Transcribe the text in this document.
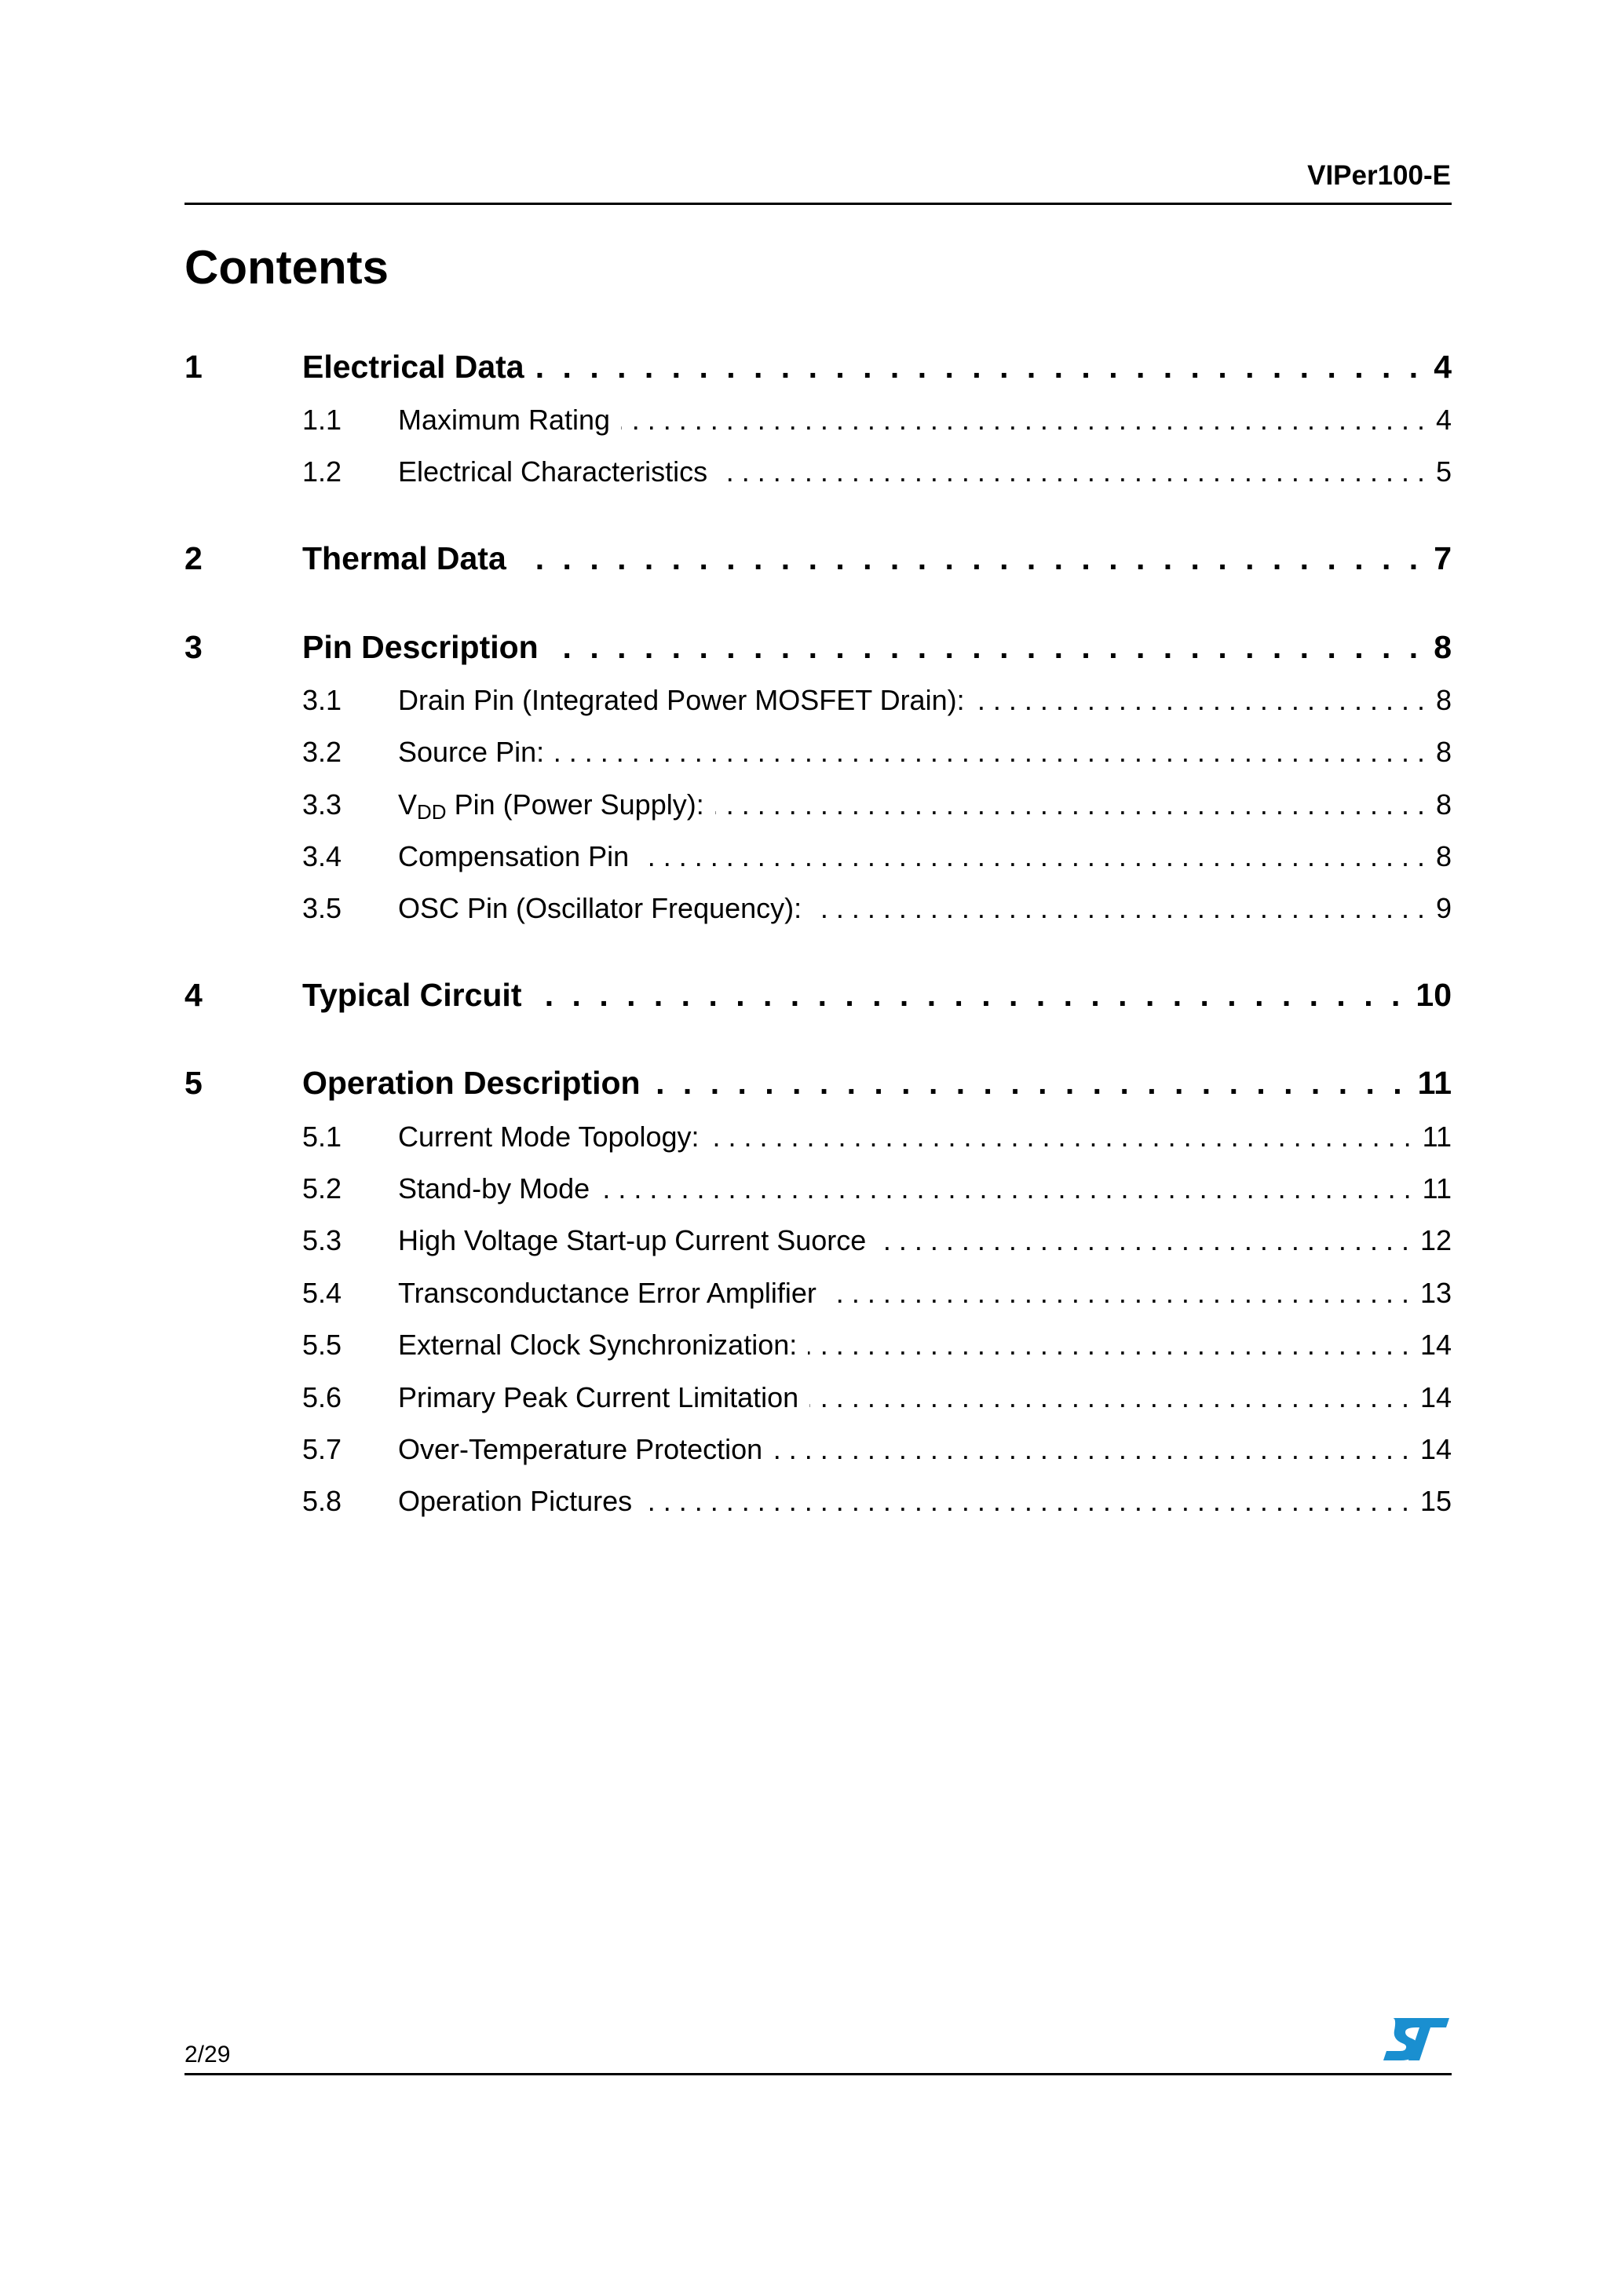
VIPer100-E
Contents
1	Electrical Data . . .	4
1.1	Maximum Rating . . .	4
1.2	Electrical Characteristics . . .	5
2	Thermal Data . . .	7
3	Pin Description . . .	8
3.1	Drain Pin (Integrated Power MOSFET Drain): . . .	8
3.2	Source Pin: . . .	8
3.3	$V_{DD}$ Pin (Power Supply): . . .	8
3.4	Compensation Pin . . .	8
3.5	OSC Pin (Oscillator Frequency): . . .	9
4	Typical Circuit . . .	10
5	Operation Description . . .	11
5.1	Current Mode Topology: . . .	11
5.2	Stand-by Mode . . .	11
5.3	High Voltage Start-up Current Suorce . . .	12
5.4	Transconductance Error Amplifier . . .	13
5.5	External Clock Synchronization: . . .	14
5.6	Primary Peak Current Limitation . . .	14
5.7	Over-Temperature Protection . . .	14
5.8	Operation Pictures . . .	15
2/29
